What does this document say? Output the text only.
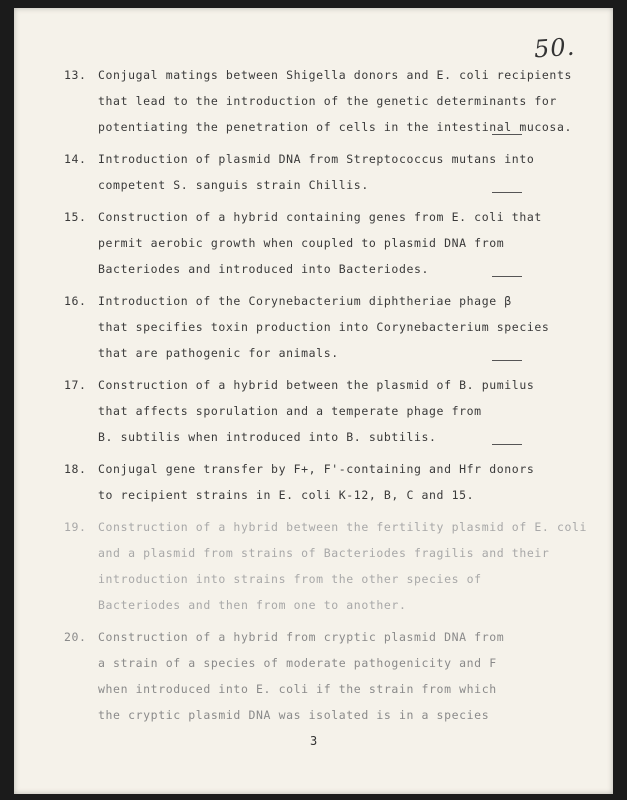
50.
13. Conjugal matings between Shigella donors and E. coli recipients
that lead to the introduction of the genetic determinants for
potentiating the penetration of cells in the intestinal mucosa.
14. Introduction of plasmid DNA from Streptococcus mutans into
competent S. sanguis strain Chillis.
15. Construction of a hybrid containing genes from E. coli that
permit aerobic growth when coupled to plasmid DNA from
Bacteriodes and introduced into Bacteriodes.
16. Introduction of the Corynebacterium diphtheriae phage β
that specifies toxin production into Corynebacterium species
that are pathogenic for animals.
17. Construction of a hybrid between the plasmid of B. pumilus
that affects sporulation and a temperate phage from
B. subtilis when introduced into B. subtilis.
18. Conjugal gene transfer by F+, F'-containing and Hfr donors
to recipient strains in E. coli K-12, B, C and 15.
19. Construction of a hybrid between the fertility plasmid of E. coli
and a plasmid from strains of Bacteriodes fragilis and their
introduction into strains from the other species of
Bacteriodes and then from one to another.
20. Construction of a hybrid from cryptic plasmid DNA from
a strain of a species of moderate pathogenicity and F
when introduced into E. coli if the strain from which
the cryptic plasmid DNA was isolated is in a species
3
